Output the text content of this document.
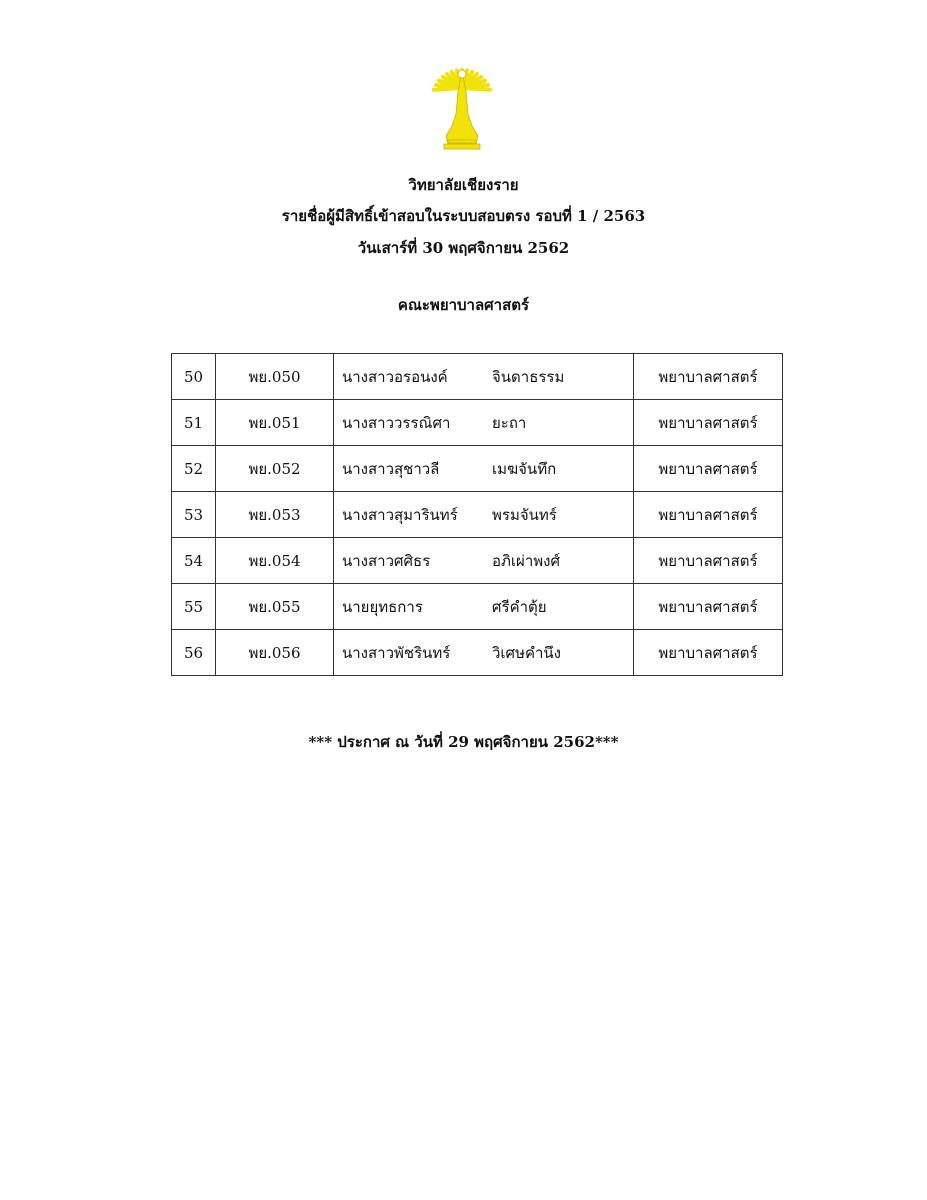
วิทยาลัยเชียงราย
รายชื่อผู้มีสิทธิ์เข้าสอบในระบบสอบตรง รอบที่ 1 / 2563
วันเสาร์ที่ 30 พฤศจิกายน 2562
คณะพยาบาลศาสตร์
50	พย.050	นางสาวอรอนงค์ จินดาธรรม	พยาบาลศาสตร์
51	พย.051	นางสาววรรณิศา ยะถา	พยาบาลศาสตร์
52	พย.052	นางสาวสุชาวลี เมฆจันทึก	พยาบาลศาสตร์
53	พย.053	นางสาวสุมารินทร์ พรมจันทร์	พยาบาลศาสตร์
54	พย.054	นางสาวศศิธร อภิเผ่าพงศ์	พยาบาลศาสตร์
55	พย.055	นายยุทธการ ศรีคำตุ้ย	พยาบาลศาสตร์
56	พย.056	นางสาวพัชรินทร์ วิเศษคำนึง	พยาบาลศาสตร์
*** ประกาศ ณ วันที่ 29 พฤศจิกายน 2562***
